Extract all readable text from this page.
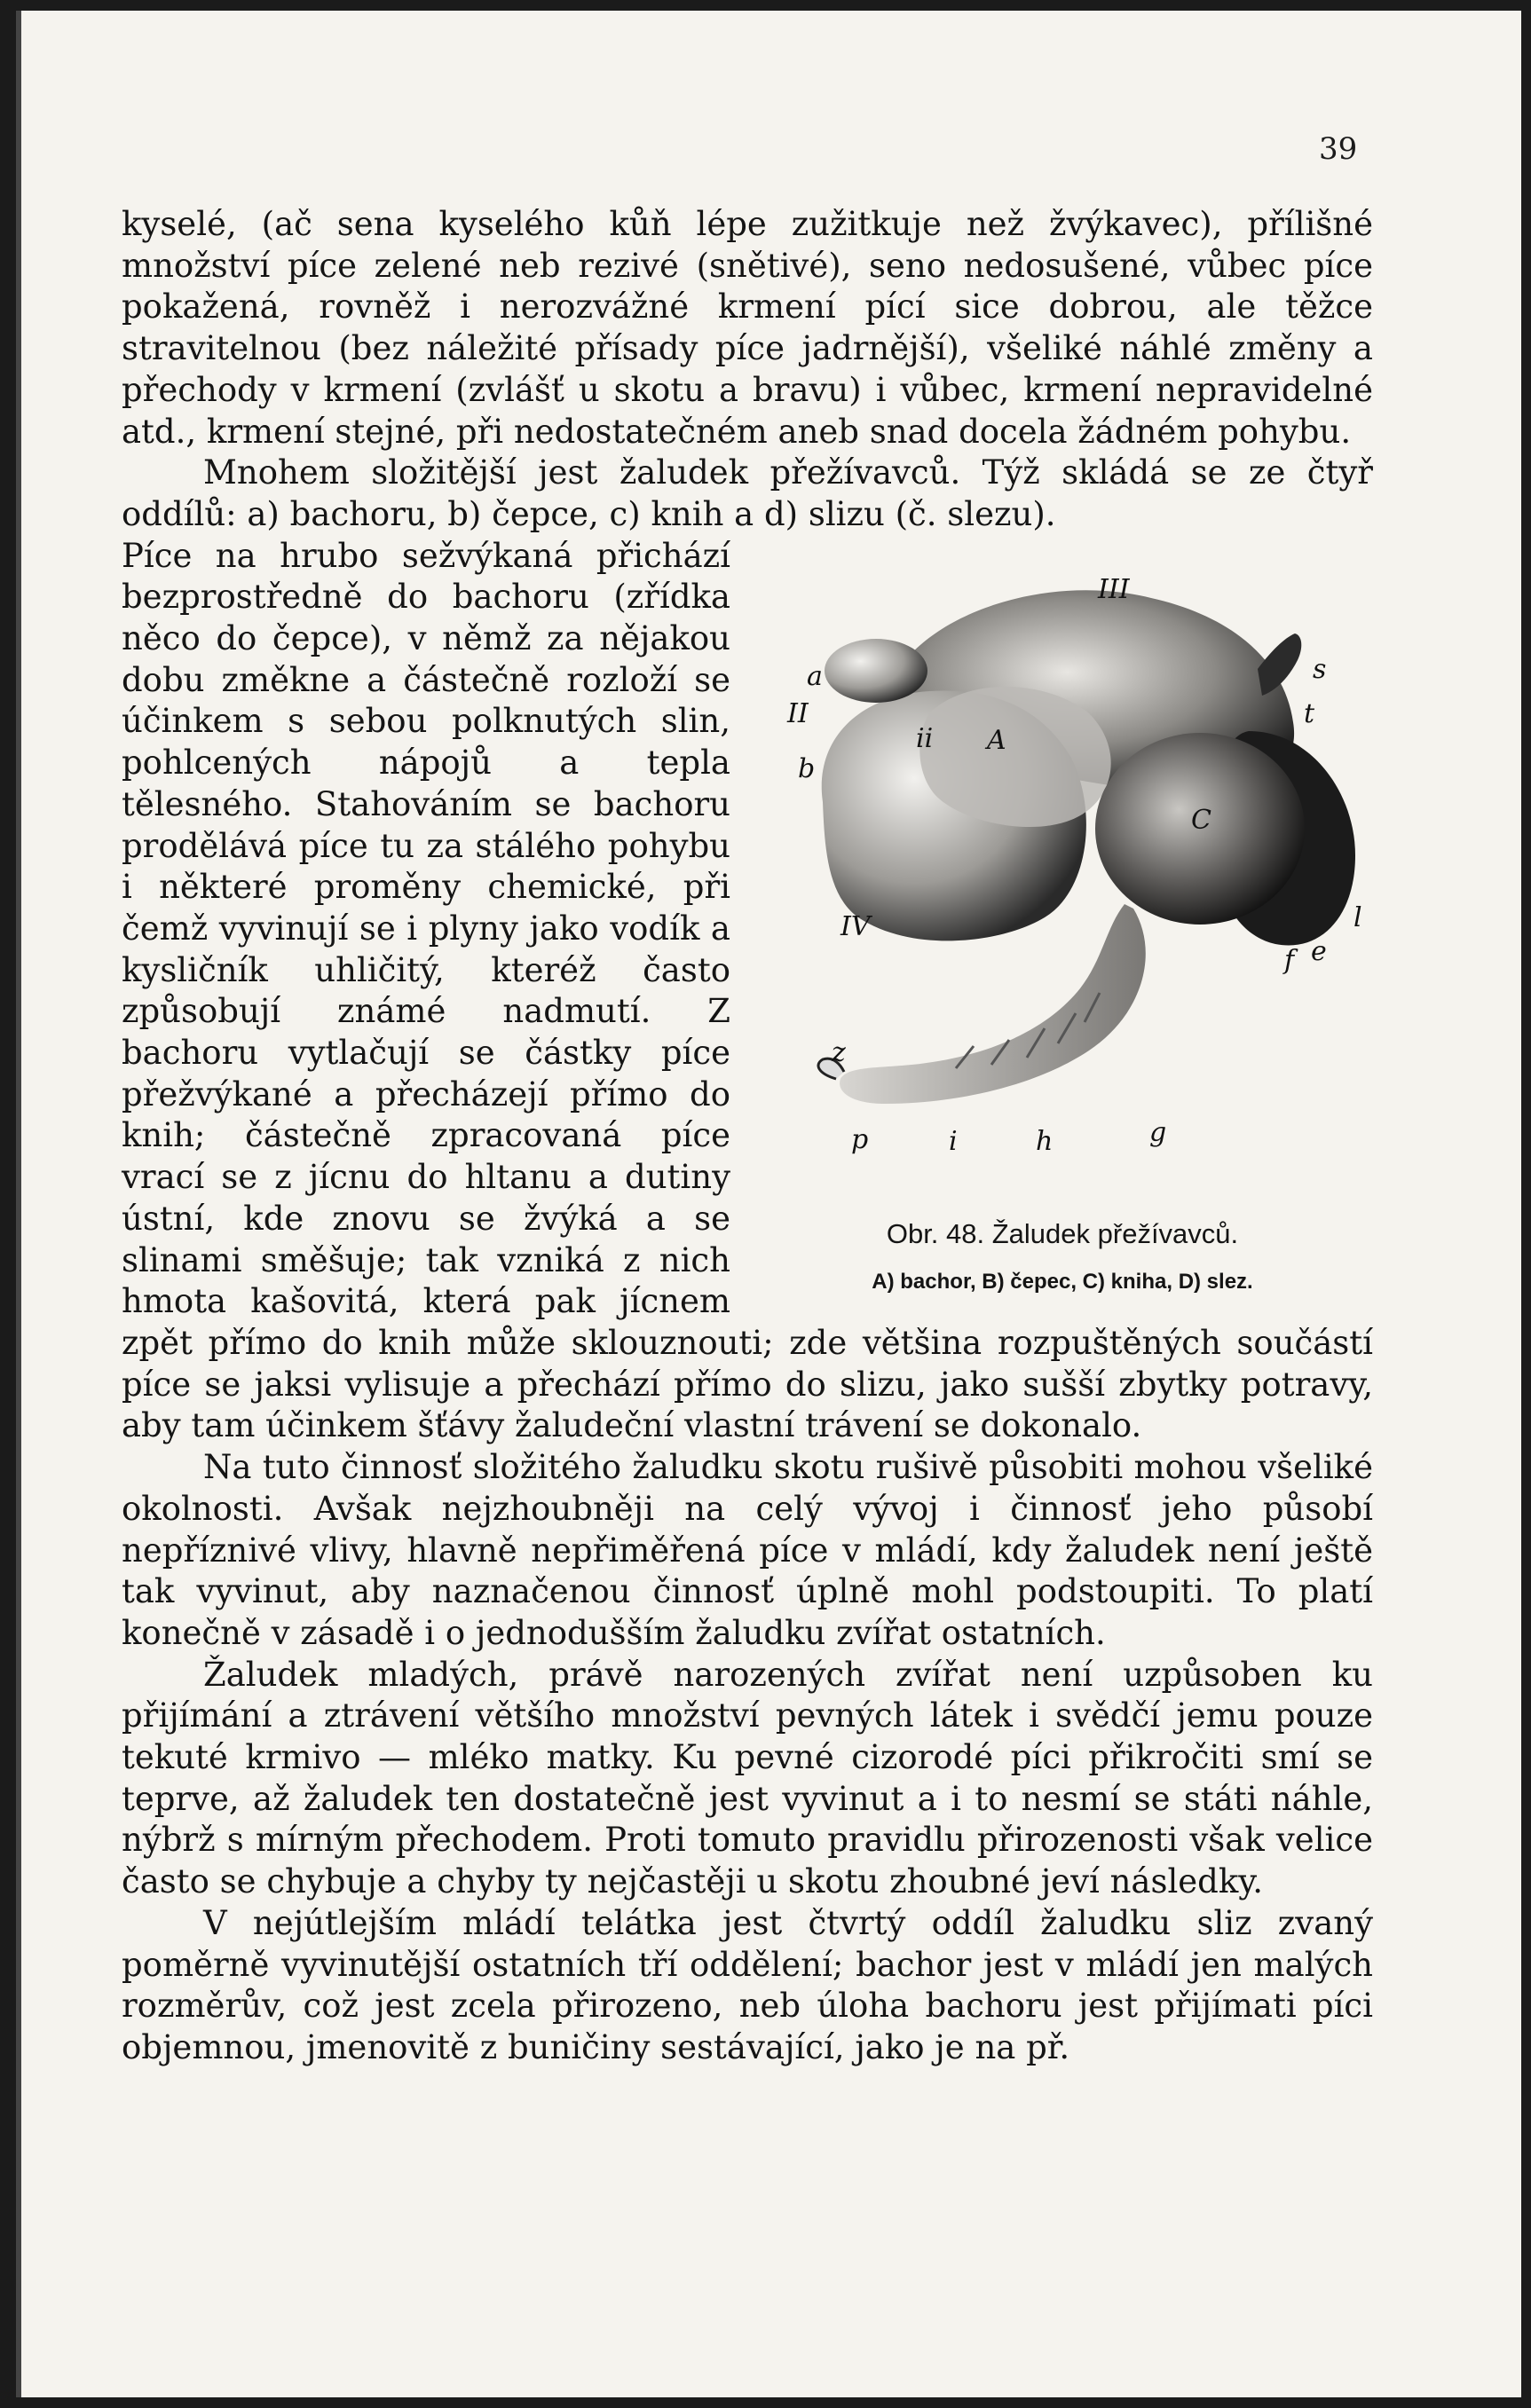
39

kyselé, (ač sena kyselého kůň lépe zužitkuje než žvýkavec), přílišné množství píce zelené neb rezivé (snětivé), seno nedosušené, vůbec píce pokažená, rovněž i nerozvážné krmení pící sice dobrou, ale těžce stravitelnou (bez náležité přísady píce jadrnější), všeliké náhlé změny a přechody v krmení (zvlášť u skotu a bravu) i vůbec, krmení nepravidelné atd., krmení stejné, při nedostatečném aneb snad docela žádném pohybu.

Mnohem složitější jest žaludek přežívavců. Týž skládá se ze čtyř oddílů: a) bachoru, b) čepce, c) knih a d) slizu (č. slezu).

III
a
II
b
ii A
C
s
t
l
f e
IV
z
p	i	h	g
Obr. 48. Žaludek přežívavců.
A) bachor, B) čepec, C) kniha, D) slez.

Píce na hrubo sežvýkaná přichází bezprostředně do bachoru (zřídka něco do čepce), v němž za nějakou dobu změkne a částečně rozloží se účinkem s sebou polknutých slin, pohlcených nápojů a tepla tělesného. Stahováním se bachoru prodělává píce tu za stálého pohybu i některé proměny chemické, při čemž vyvinují se i plyny jako vodík a kysličník uhličitý, kteréž často způsobují známé nadmutí. Z bachoru vytlačují se částky píce přežvýkané a přecházejí přímo do knih; částečně zpracovaná píce vrací se z jícnu do hltanu a dutiny ústní, kde znovu se žvýká a se slinami směšuje; tak vzniká z nich hmota kašovitá, která pak jícnem zpět přímo do knih může sklouznouti; zde většina rozpuštěných součástí píce se jaksi vylisuje a přechází přímo do slizu, jako sušší zbytky potravy, aby tam účinkem šťávy žaludeční vlastní trávení se dokonalo.

Na tuto činnosť složitého žaludku skotu rušivě působiti mohou všeliké okolnosti. Avšak nejzhoubněji na celý vývoj i činnosť jeho působí nepříznivé vlivy, hlavně nepřiměřená píce v mládí, kdy žaludek není ještě tak vyvinut, aby naznačenou činnosť úplně mohl podstoupiti. To platí konečně v zásadě i o jednodušším žaludku zvířat ostatních.

Žaludek mladých, právě narozených zvířat není uzpůsoben ku přijímání a ztrávení většího množství pevných látek i svědčí jemu pouze tekuté krmivo — mléko matky. Ku pevné cizorodé píci přikročiti smí se teprve, až žaludek ten dostatečně jest vyvinut a i to nesmí se státi náhle, nýbrž s mírným přechodem. Proti tomuto pravidlu přirozenosti však velice často se chybuje a chyby ty nejčastěji u skotu zhoubné jeví následky.

V nejútlejším mládí telátka jest čtvrtý oddíl žaludku sliz zvaný poměrně vyvinutější ostatních tří oddělení; bachor jest v mládí jen malých rozměrův, což jest zcela přirozeno, neb úloha bachoru jest přijímati píci objemnou, jmenovitě z buničiny sestávající, jako je na př.
